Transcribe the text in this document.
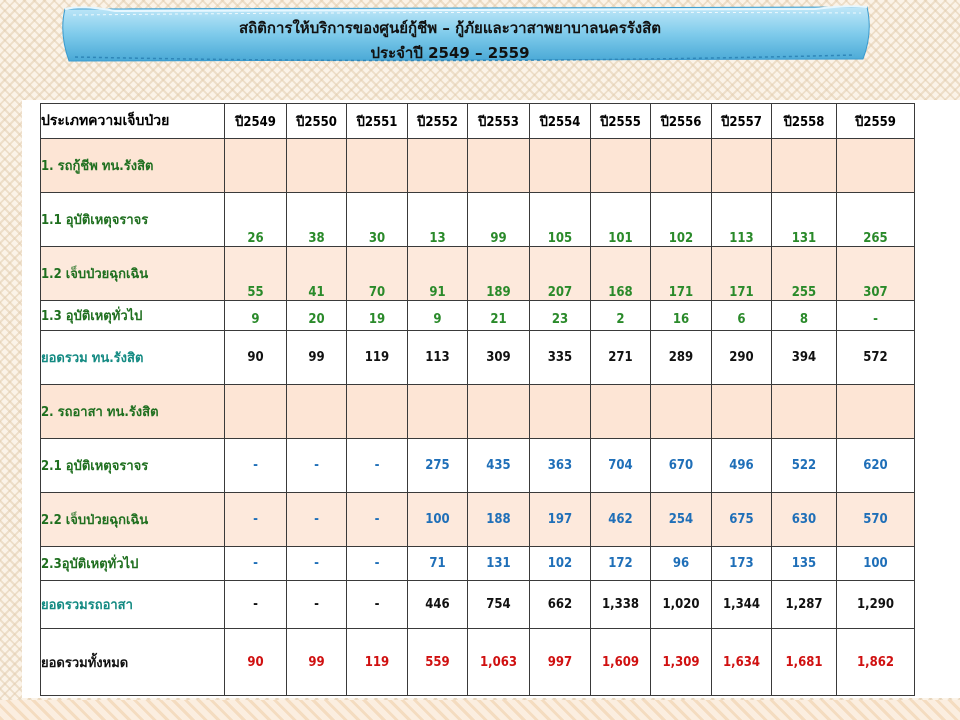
สถิติการให้บริการของศูนย์กู้ชีพ – กู้ภัยและวาสาพยาบาลนครรังสิต
ประจำปี 2549 – 2559
ประเภทความเจ็บป่วย	ปี2549	ปี2550	ปี2551	ปี2552	ปี2553	ปี2554	ปี2555	ปี2556	ปี2557	ปี2558	ปี2559
1. รถกู้ชีพ ทน.รังสิต											
1.1 อุบัติเหตุจราจร	26	38	30	13	99	105	101	102	113	131	265
1.2 เจ็บป่วยฉุกเฉิน	55	41	70	91	189	207	168	171	171	255	307
1.3 อุบัติเหตุทั่วไป	9	20	19	9	21	23	2	16	6	8	-
ยอดรวม ทน.รังสิต	90	99	119	113	309	335	271	289	290	394	572
2. รถอาสา ทน.รังสิต											
2.1 อุบัติเหตุจราจร	-	-	-	275	435	363	704	670	496	522	620
2.2 เจ็บป่วยฉุกเฉิน	-	-	-	100	188	197	462	254	675	630	570
2.3อุบัติเหตุทั่วไป	-	-	-	71	131	102	172	96	173	135	100
ยอดรวมรถอาสา	-	-	-	446	754	662	1,338	1,020	1,344	1,287	1,290
ยอดรวมทั้งหมด	90	99	119	559	1,063	997	1,609	1,309	1,634	1,681	1,862
